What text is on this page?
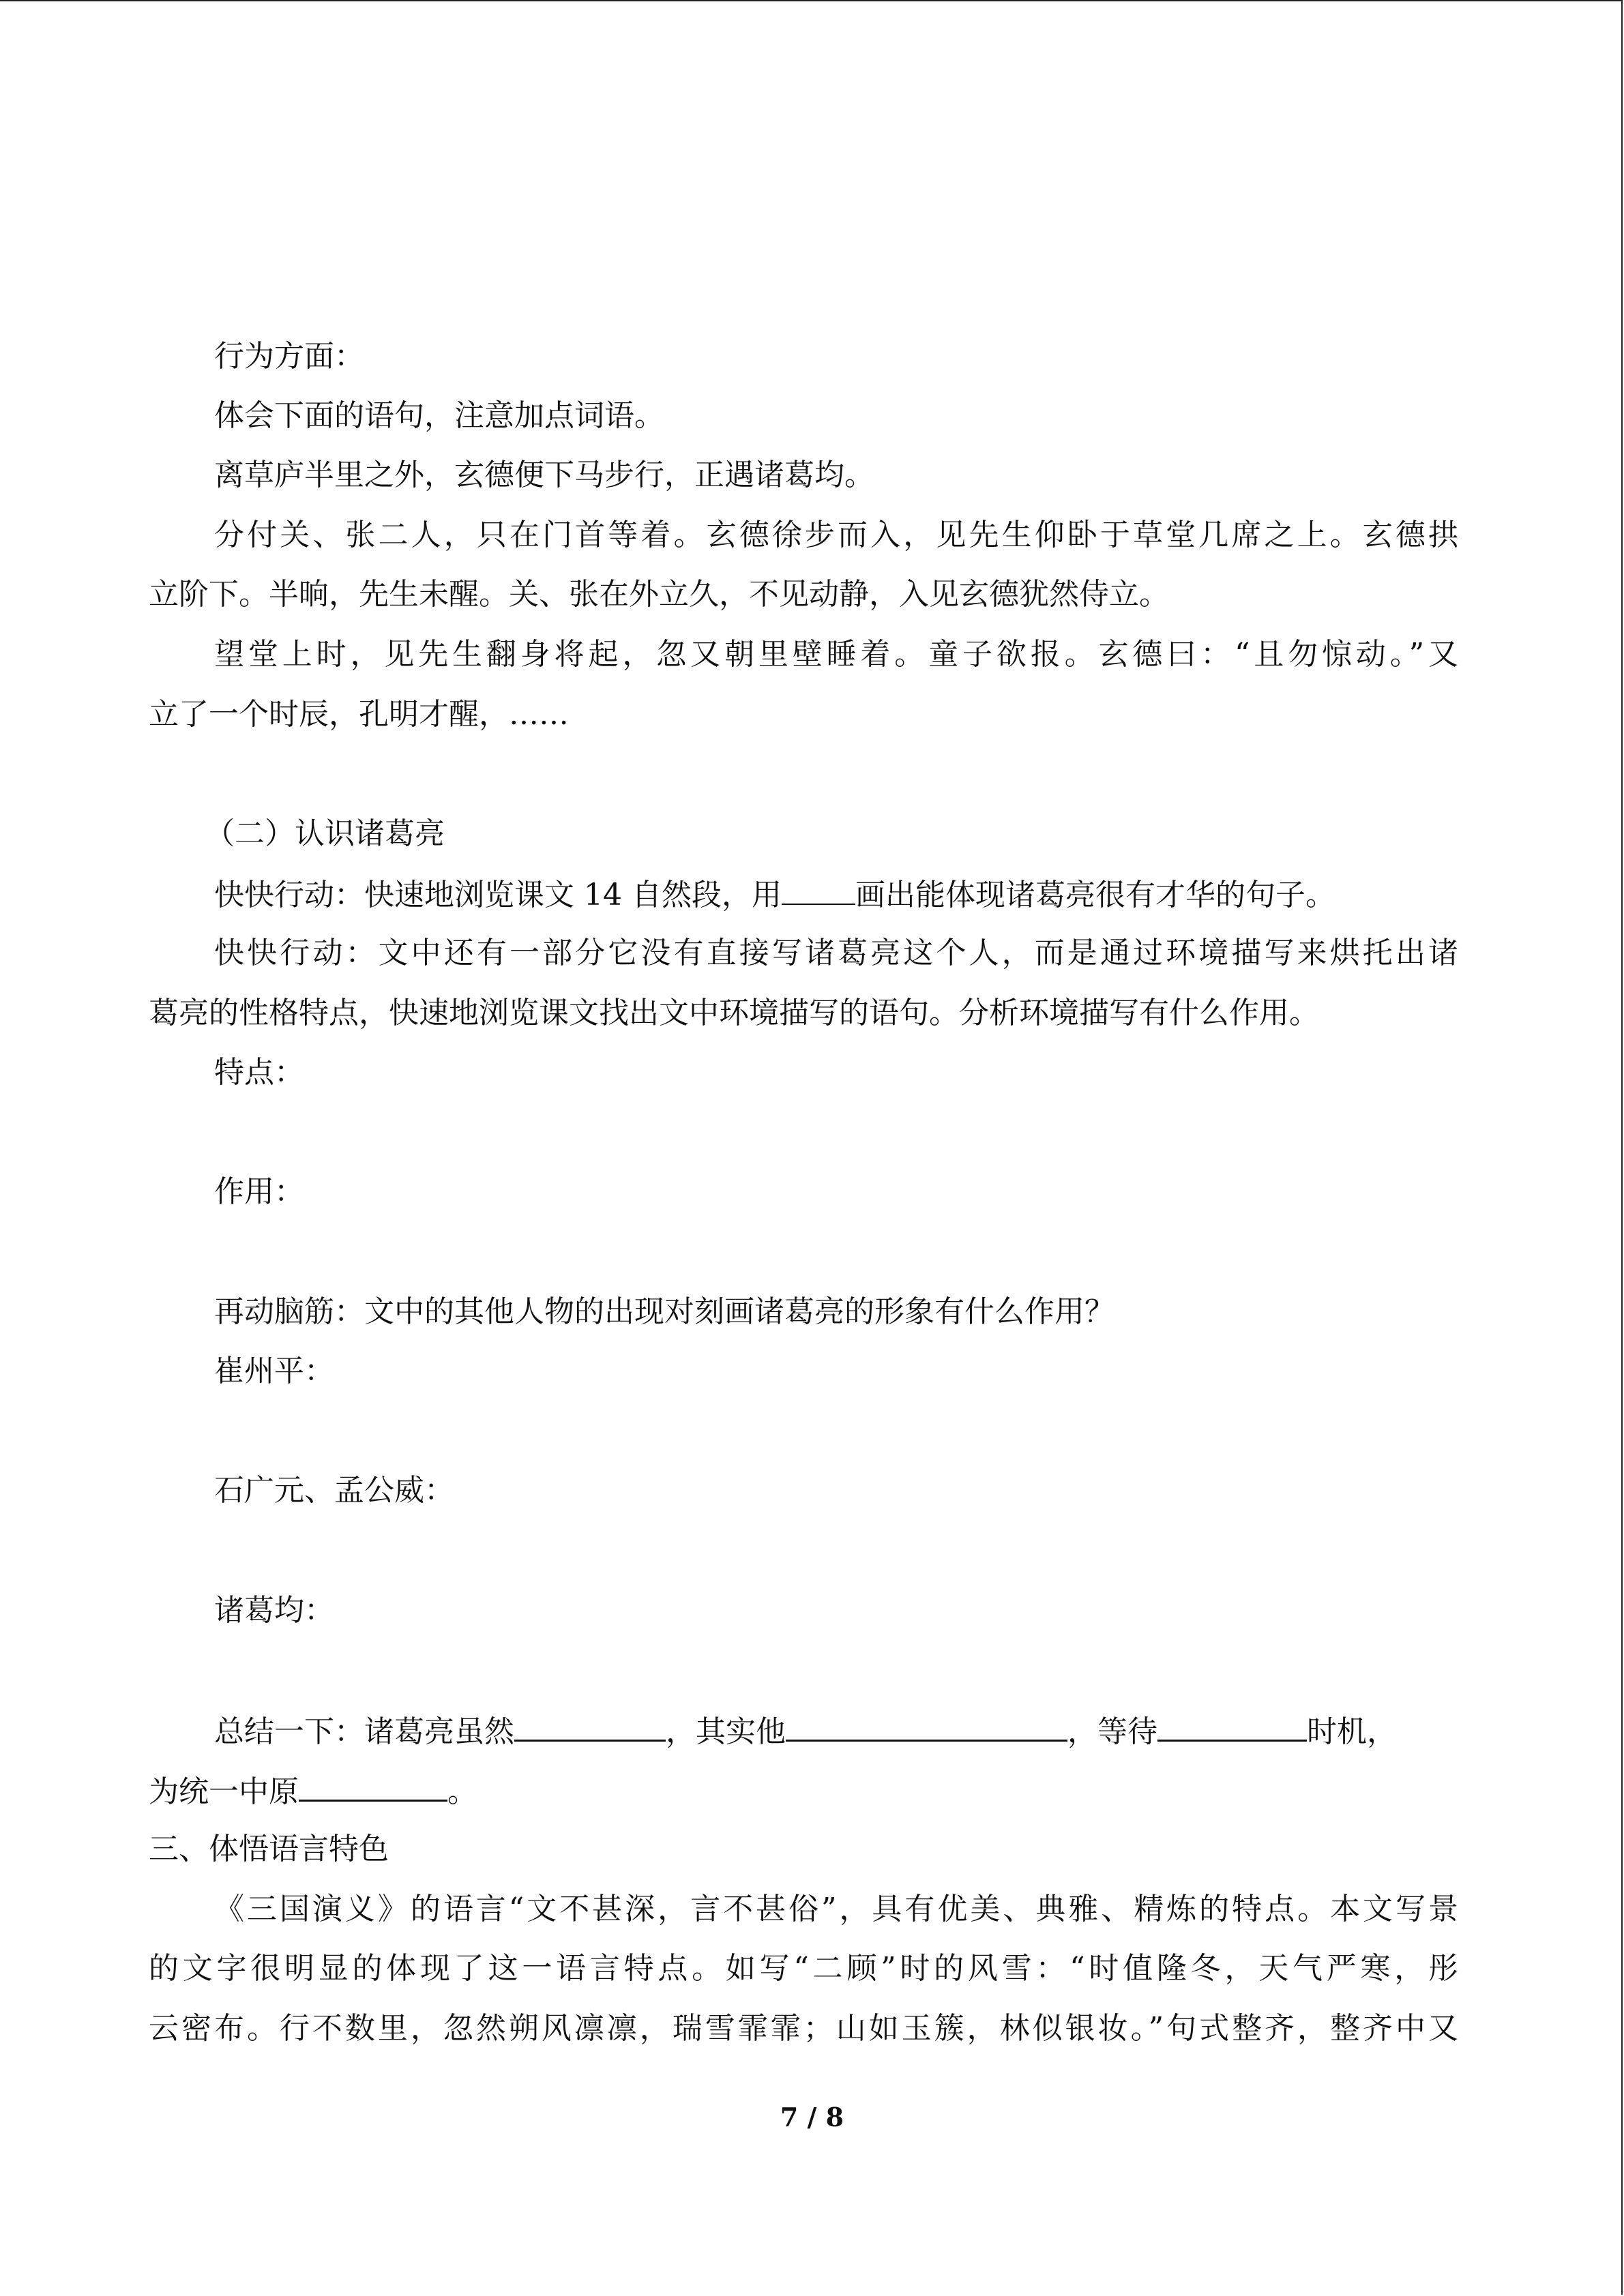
行为方面：
体会下面的语句，注意加点词语。
离草庐半里之外，玄德便下马步行，正遇诸葛均。
分付关、张二人，只在门首等着。玄德徐步而入，见先生仰卧于草堂几席之上。玄德拱
立阶下。半晌，先生未醒。关、张在外立久，不见动静，入见玄德犹然侍立。
望堂上时，见先生翻身将起，忽又朝里壁睡着。童子欲报。玄德曰：“且勿惊动。”又
立了一个时辰，孔明才醒，……
（二）认识诸葛亮
快快行动：快速地浏览课文 14 自然段，用 画出能体现诸葛亮很有才华的句子。
快快行动：文中还有一部分它没有直接写诸葛亮这个人，而是通过环境描写来烘托出诸
葛亮的性格特点，快速地浏览课文找出文中环境描写的语句。分析环境描写有什么作用。
特点：
作用：
再动脑筋：文中的其他人物的出现对刻画诸葛亮的形象有什么作用？
崔州平：
石广元、孟公威：
诸葛均：
总结一下：诸葛亮虽然	，其实他	，等待	时机，
为统一中原	。
三、体悟语言特色
《三国演义》的语言“文不甚深，言不甚俗”，具有优美、典雅、精炼的特点。本文写景
的文字很明显的体现了这一语言特点。如写“二顾”时的风雪：“时值隆冬，天气严寒，彤
云密布。行不数里，忽然朔风凛凛，瑞雪霏霏；山如玉簇，林似银妆。”句式整齐，整齐中又
7 / 8
